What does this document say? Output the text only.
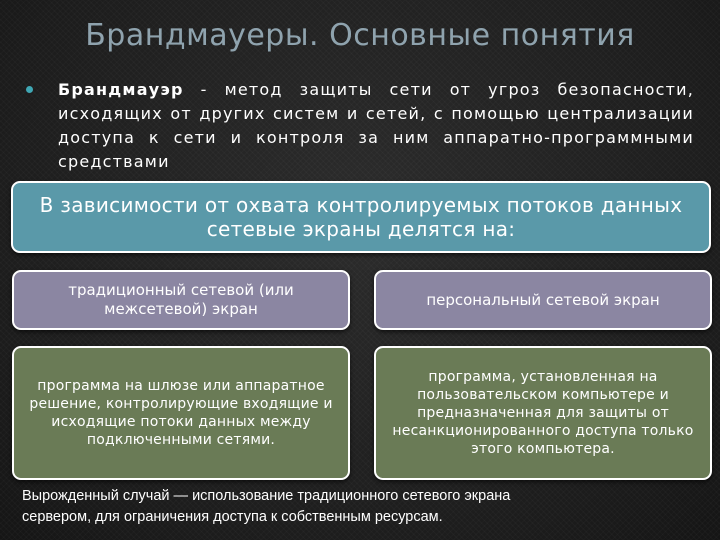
Брандмауеры. Основные понятия
Брандмауэр - метод защиты сети от угроз безопасности, исходящих от других систем и сетей, с помощью централизации доступа к сети и контроля за ним аппаратно-программными средствами
В зависимости от охвата контролируемых потоков данных сетевые экраны делятся на:
традиционный сетевой (или межсетевой) экран
персональный сетевой экран
программа на шлюзе или аппаратное решение, контролирующие входящие и исходящие потоки данных между подключенными сетями.
программа, установленная на пользовательском компьютере и предназначенная для защиты от несанкционированного доступа только этого компьютера.
Вырожденный случай — использование традиционного сетевого экрана
сервером, для ограничения доступа к собственным ресурсам.
